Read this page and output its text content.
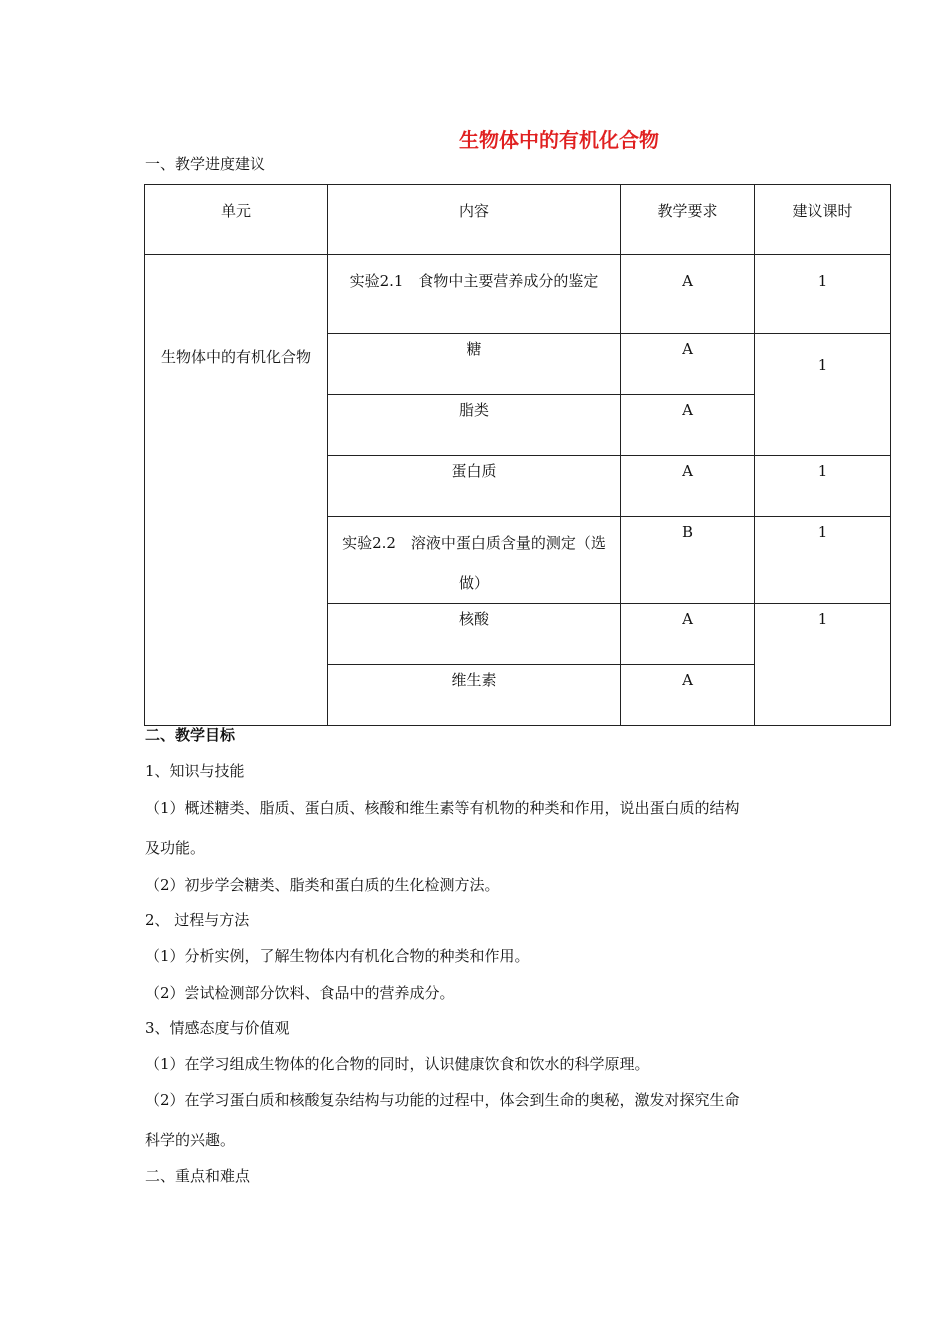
生物体中的有机化合物
一、教学进度建议
单元	内容	教学要求	建议课时
生物体中的有机化合物	实验2.1　食物中主要营养成分的鉴定	A	1
	糖	A	1
	脂类	A	
	蛋白质	A	1
	实验2.2　溶液中蛋白质含量的测定（选做）	B	1
	核酸	A	1
	维生素	A	
二、教学目标
1、知识与技能
（1）概述糖类、脂质、蛋白质、核酸和维生素等有机物的种类和作用，说出蛋白质的结构
及功能。
（2）初步学会糖类、脂类和蛋白质的生化检测方法。
2、 过程与方法
（1）分析实例，了解生物体内有机化合物的种类和作用。
（2）尝试检测部分饮料、食品中的营养成分。
3、情感态度与价值观
（1）在学习组成生物体的化合物的同时，认识健康饮食和饮水的科学原理。
（2）在学习蛋白质和核酸复杂结构与功能的过程中，体会到生命的奥秘，激发对探究生命
科学的兴趣。
二、重点和难点
